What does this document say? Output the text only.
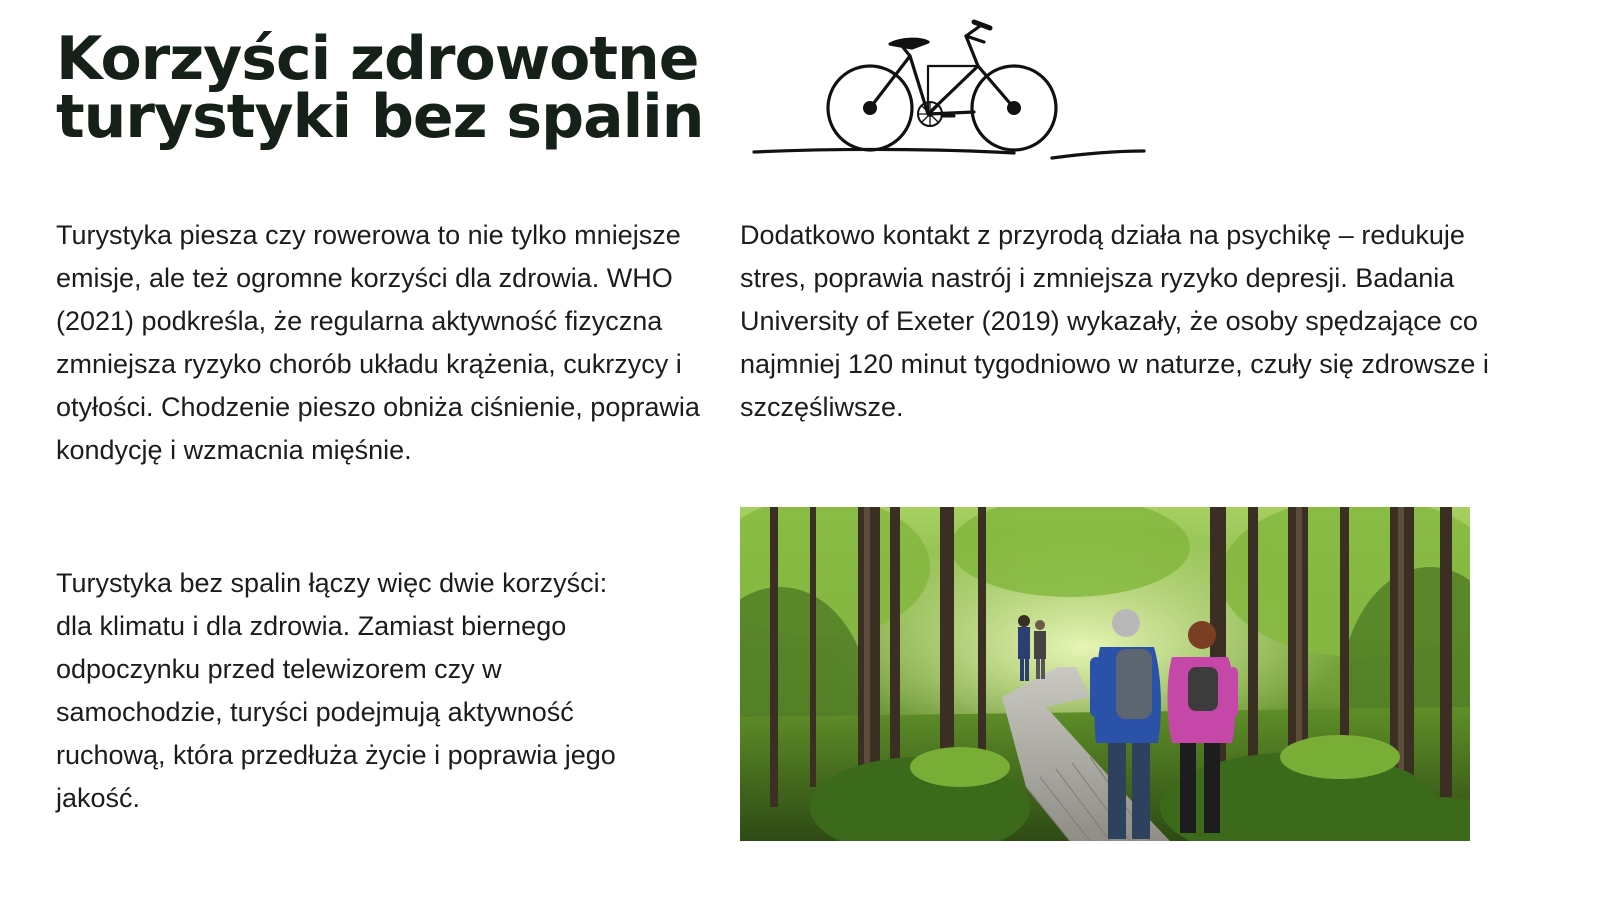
Korzyści zdrowotne
turystyki bez spalin

Turystyka piesza czy rowerowa to nie tylko mniejsze emisje, ale też ogromne korzyści dla zdrowia. WHO (2021) podkreśla, że regularna aktywność fizyczna zmniejsza ryzyko chorób układu krążenia, cukrzycy i otyłości. Chodzenie pieszo obniża ciśnienie, poprawia kondycję i wzmacnia mięśnie.

Turystyka bez spalin łączy więc dwie korzyści: dla klimatu i dla zdrowia. Zamiast biernego odpoczynku przed telewizorem czy w samochodzie, turyści podejmują aktywność ruchową, która przedłuża życie i poprawia jego jakość.

Dodatkowo kontakt z przyrodą działa na psychikę – redukuje stres, poprawia nastrój i zmniejsza ryzyko depresji. Badania University of Exeter (2019) wykazały, że osoby spędzające co najmniej 120 minut tygodniowo w naturze, czuły się zdrowsze i szczęśliwsze.
